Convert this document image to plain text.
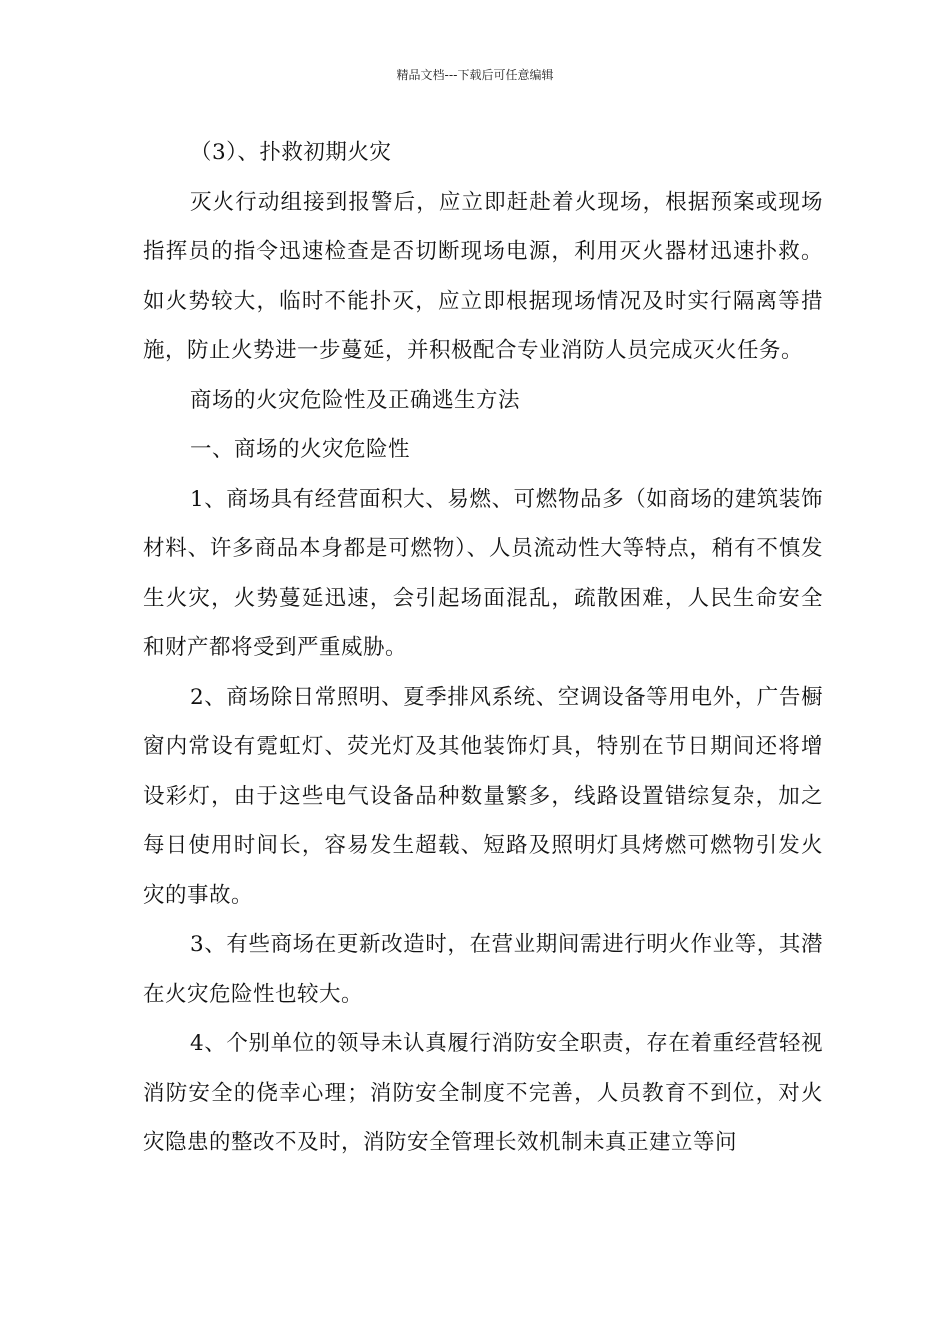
精品文档---下载后可任意编辑

（3）、扑救初期火灾

灭火行动组接到报警后，应立即赶赴着火现场，根据预案或现场指挥员的指令迅速检查是否切断现场电源，利用灭火器材迅速扑救。如火势较大，临时不能扑灭，应立即根据现场情况及时实行隔离等措施，防止火势进一步蔓延，并积极配合专业消防人员完成灭火任务。

商场的火灾危险性及正确逃生方法

一、商场的火灾危险性

1、商场具有经营面积大、易燃、可燃物品多（如商场的建筑装饰材料、许多商品本身都是可燃物）、人员流动性大等特点，稍有不慎发生火灾，火势蔓延迅速，会引起场面混乱，疏散困难，人民生命安全和财产都将受到严重威胁。

2、商场除日常照明、夏季排风系统、空调设备等用电外，广告橱窗内常设有霓虹灯、荧光灯及其他装饰灯具，特别在节日期间还将增设彩灯，由于这些电气设备品种数量繁多，线路设置错综复杂，加之每日使用时间长，容易发生超载、短路及照明灯具烤燃可燃物引发火灾的事故。

3、有些商场在更新改造时，在营业期间需进行明火作业等，其潜在火灾危险性也较大。

4、个别单位的领导未认真履行消防安全职责，存在着重经营轻视消防安全的侥幸心理；消防安全制度不完善，人员教育不到位，对火灾隐患的整改不及时，消防安全管理长效机制未真正建立等问
